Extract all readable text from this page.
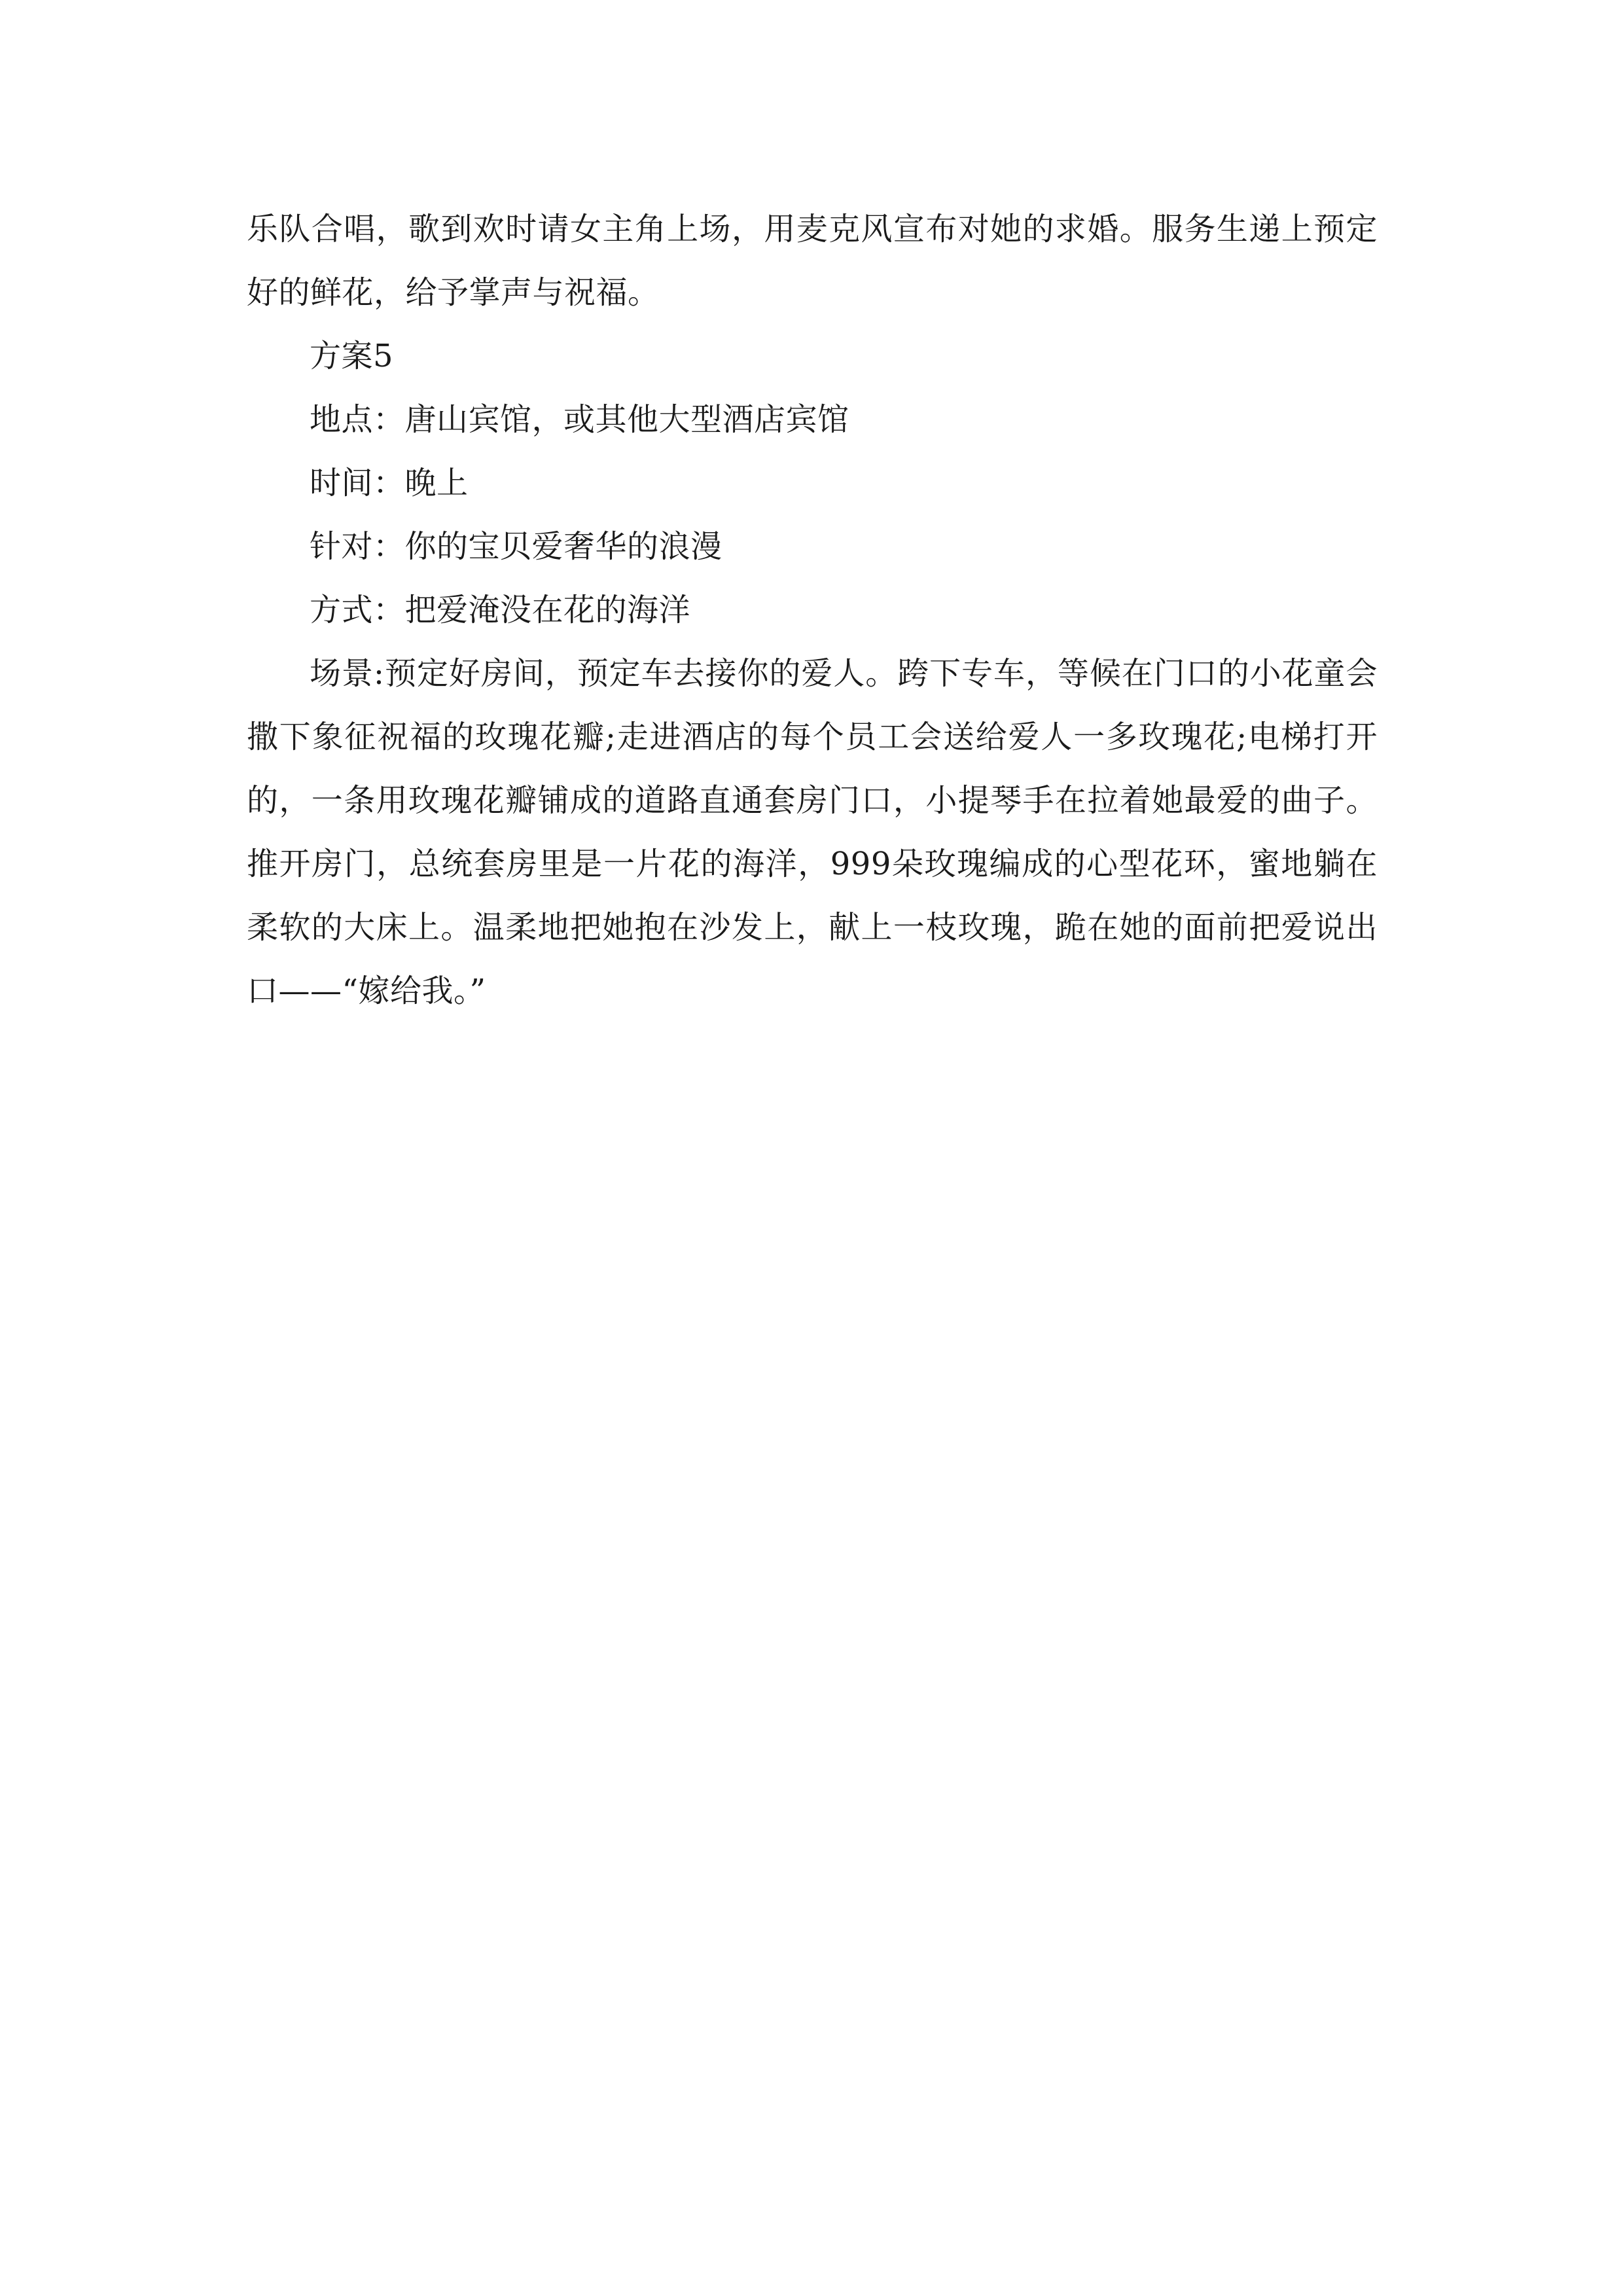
乐队合唱，歌到欢时请女主角上场，用麦克风宣布对她的求婚。服务生递上预定好的鲜花，给予掌声与祝福。

方案5

地点：唐山宾馆，或其他大型酒店宾馆

时间：晚上

针对：你的宝贝爱奢华的浪漫

方式：把爱淹没在花的海洋

场景:预定好房间，预定车去接你的爱人。跨下专车，等候在门口的小花童会撒下象征祝福的玫瑰花瓣;走进酒店的每个员工会送给爱人一多玫瑰花;电梯打开的，一条用玫瑰花瓣铺成的道路直通套房门口，小提琴手在拉着她最爱的曲子。推开房门，总统套房里是一片花的海洋，999朵玫瑰编成的心型花环，蜜地躺在柔软的大床上。温柔地把她抱在沙发上，献上一枝玫瑰，跪在她的面前把爱说出口——“嫁给我。”
